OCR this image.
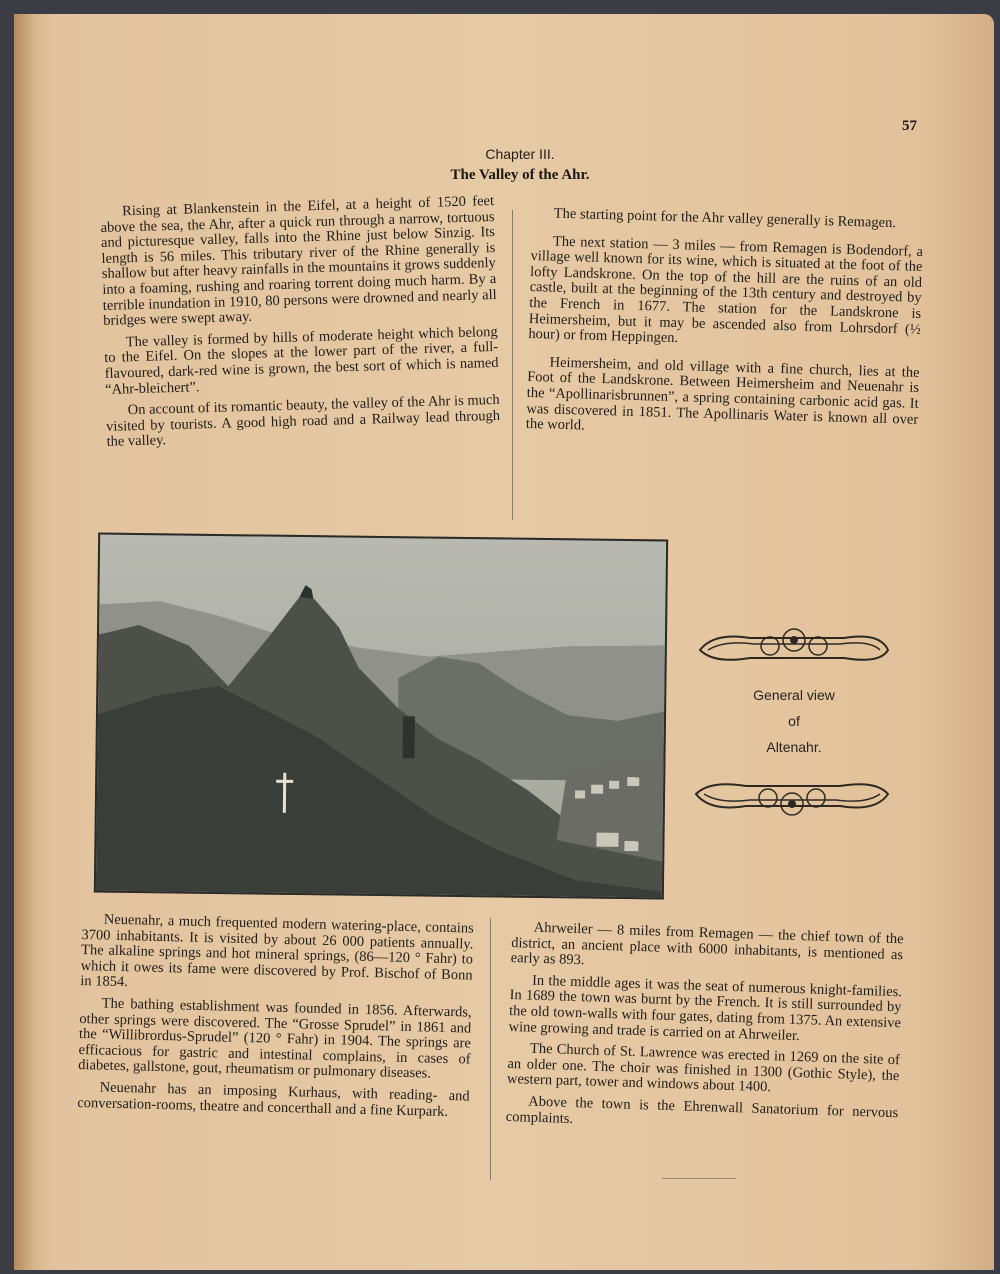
57
Chapter III.
The Valley of the Ahr.

Rising at Blankenstein in the Eifel, at a height of 1520 feet above the sea, the Ahr, after a quick run through a narrow, tortuous and picturesque valley, falls into the Rhine just below Sinzig. Its length is 56 miles. This tributary river of the Rhine generally is shallow but after heavy rainfalls in the mountains it grows suddenly into a foaming, rushing and roaring torrent doing much harm. By a terrible inundation in 1910, 80 persons were drowned and nearly all bridges were swept away.

The valley is formed by hills of moderate height which belong to the Eifel. On the slopes at the lower part of the river, a full-flavoured, dark-red wine is grown, the best sort of which is named “Ahr-bleichert”.

On account of its romantic beauty, the valley of the Ahr is much visited by tourists. A good high road and a Railway lead through the valley.

The starting point for the Ahr valley generally is Remagen.

The next station — 3 miles — from Remagen is Bodendorf, a village well known for its wine, which is situated at the foot of the lofty Landskrone. On the top of the hill are the ruins of an old castle, built at the beginning of the 13th century and destroyed by the French in 1677. The station for the Landskrone is Heimersheim, but it may be ascended also from Lohrsdorf (½ hour) or from Heppingen.

Heimersheim, and old village with a fine church, lies at the Foot of the Landskrone. Between Heimersheim and Neuenahr is the “Apollinarisbrunnen”, a spring containing carbonic acid gas. It was discovered in 1851. The Apollinaris Water is known all over the world.

General view
of
Altenahr.

Neuenahr, a much frequented modern watering-place, contains 3700 inhabitants. It is visited by about 26 000 patients annually. The alkaline springs and hot mineral springs, (86—120 ° Fahr) to which it owes its fame were discovered by Prof. Bischof of Bonn in 1854.

The bathing establishment was founded in 1856. Afterwards, other springs were discovered. The “Grosse Sprudel” in 1861 and the “Willibrordus-Sprudel” (120 ° Fahr) in 1904. The springs are efficacious for gastric and intestinal complains, in cases of diabetes, gallstone, gout, rheumatism or pulmonary diseases.

Neuenahr has an imposing Kurhaus, with reading- and conversation-rooms, theatre and concerthall and a fine Kurpark.

Ahrweiler — 8 miles from Remagen — the chief town of the district, an ancient place with 6000 inhabitants, is mentioned as early as 893.

In the middle ages it was the seat of numerous knight-families. In 1689 the town was burnt by the French. It is still surrounded by the old town-walls with four gates, dating from 1375. An extensive wine growing and trade is carried on at Ahrweiler.

The Church of St. Lawrence was erected in 1269 on the site of an older one. The choir was finished in 1300 (Gothic Style), the western part, tower and windows about 1400.

Above the town is the Ehrenwall Sanatorium for nervous complaints.
